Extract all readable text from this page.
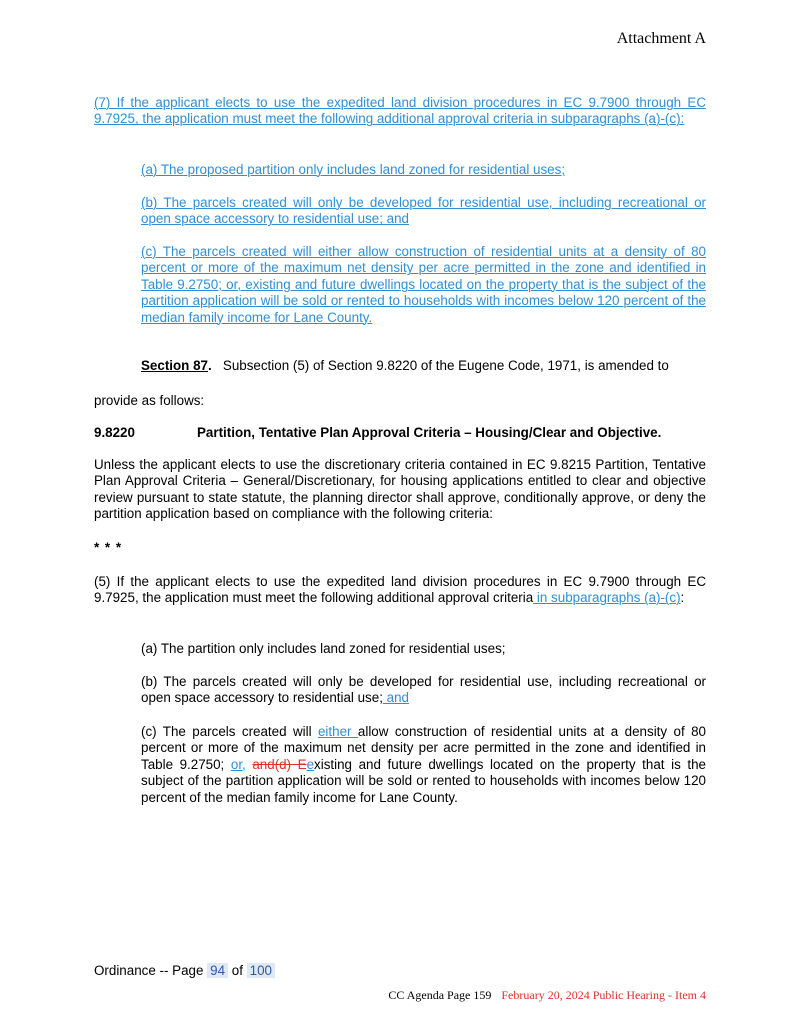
Attachment A
(7) If the applicant elects to use the expedited land division procedures in EC 9.7900 through EC 9.7925, the application must meet the following additional approval criteria in subparagraphs (a)-(c):
(a) The proposed partition only includes land zoned for residential uses;
(b) The parcels created will only be developed for residential use, including recreational or open space accessory to residential use; and
(c) The parcels created will either allow construction of residential units at a density of 80 percent or more of the maximum net density per acre permitted in the zone and identified in Table 9.2750; or, existing and future dwellings located on the property that is the subject of the partition application will be sold or rented to households with incomes below 120 percent of the median family income for Lane County.
Section 87. Subsection (5) of Section 9.8220 of the Eugene Code, 1971, is amended to
provide as follows:
9.8220	Partition, Tentative Plan Approval Criteria – Housing/Clear and Objective.
Unless the applicant elects to use the discretionary criteria contained in EC 9.8215 Partition, Tentative Plan Approval Criteria – General/Discretionary, for housing applications entitled to clear and objective review pursuant to state statute, the planning director shall approve, conditionally approve, or deny the partition application based on compliance with the following criteria:
* * *
(5) If the applicant elects to use the expedited land division procedures in EC 9.7900 through EC 9.7925, the application must meet the following additional approval criteria in subparagraphs (a)-(c):
(a) The partition only includes land zoned for residential uses;
(b) The parcels created will only be developed for residential use, including recreational or open space accessory to residential use; and
(c) The parcels created will either allow construction of residential units at a density of 80 percent or more of the maximum net density per acre permitted in the zone and identified in Table 9.2750; or, and(d) Eexisting and future dwellings located on the property that is the subject of the partition application will be sold or rented to households with incomes below 120 percent of the median family income for Lane County.
Ordinance -- Page 94 of 100
CC Agenda Page 159 February 20, 2024 Public Hearing - Item 4
